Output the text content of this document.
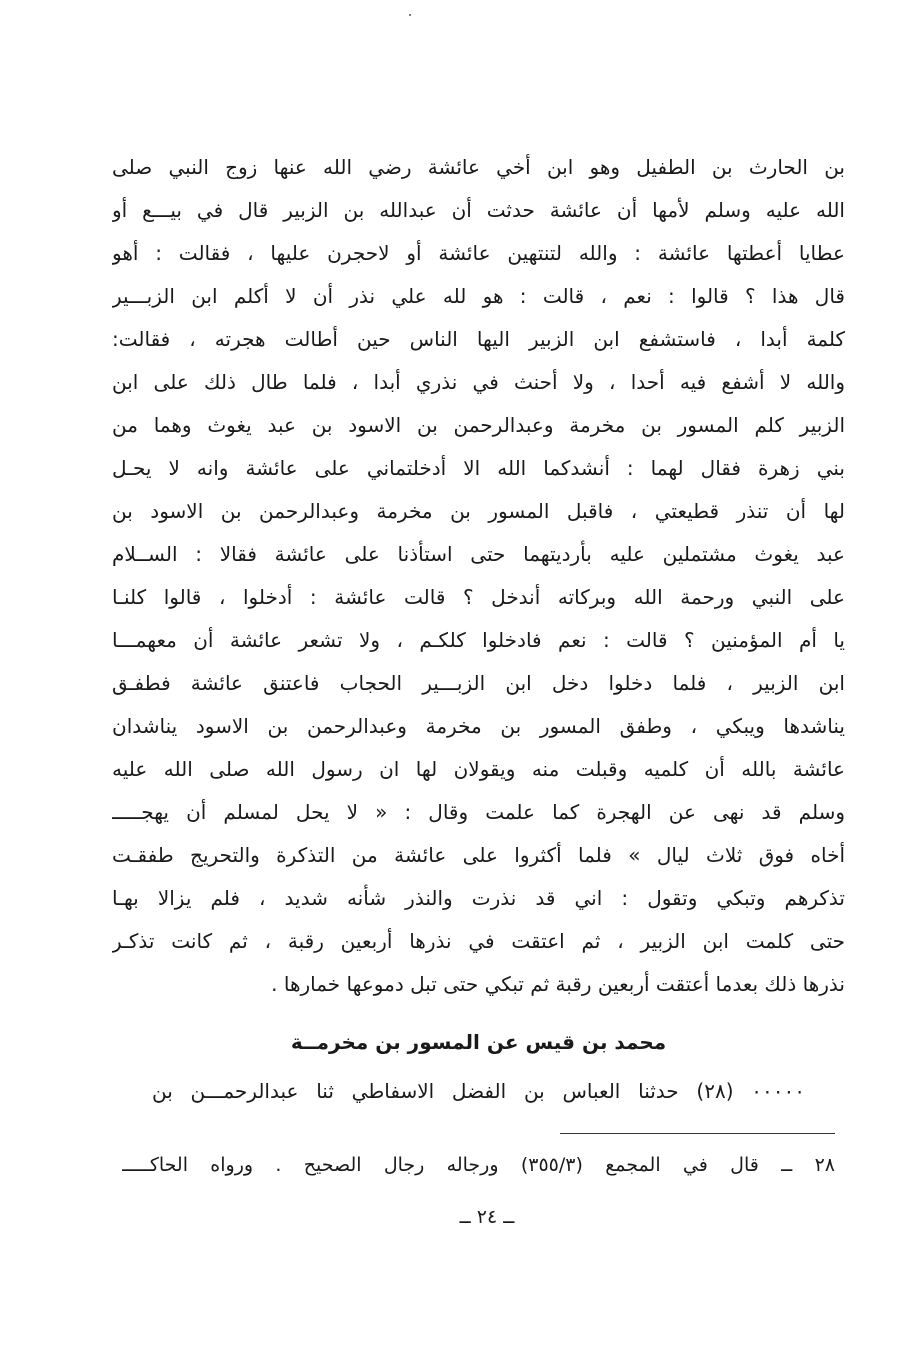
بن الحارث بن الطفيل وهو ابن أخي عائشة رضي الله عنها زوج النبي صلى
الله عليه وسلم لأمها أن عائشة حدثت أن عبدالله بن الزبير قال في بيـــع أو
عطايا أعطتها عائشة : والله لتنتهين عائشة أو لاحجرن عليها ، فقالت : أهو
قال هذا ؟ قالوا : نعم ، قالت : هو لله علي نذر أن لا أكلم ابن الزبـــير
كلمة أبدا ، فاستشفع ابن الزبير اليها الناس حين أطالت هجرته ، فقالت:
والله لا أشفع فيه أحدا ، ولا أحنث في نذري أبدا ، فلما طال ذلك على ابن
الزبير كلم المسور بن مخرمة وعبدالرحمن بن الاسود بن عبد يغوث وهما من
بني زهرة فقال لهما : أنشدكما الله الا أدخلتماني على عائشة وانه لا يحـل
لها أن تنذر قطيعتي ، فاقبل المسور بن مخرمة وعبدالرحمن بن الاسود بن
عبد يغوث مشتملين عليه بأرديتهما حتى استأذنا على عائشة فقالا : الســلام
على النبي ورحمة الله وبركاته أندخل ؟ قالت عائشة : أدخلوا ، قالوا كلنـا
يا أم المؤمنين ؟ قالت : نعم فادخلوا كلكـم ، ولا تشعر عائشة أن معهمـــا
ابن الزبير ، فلما دخلوا دخل ابن الزبـــير الحجاب فاعتنق عائشة فطفـق
يناشدها ويبكي ، وطفق المسور بن مخرمة وعبدالرحمن بن الاسود يناشدان
عائشة بالله أن كلميه وقبلت منه ويقولان لها ان رسول الله صلى الله عليه
وسلم قد نهى عن الهجرة كما علمت وقال : « لا يحل لمسلم أن يهجـــــ
أخاه فوق ثلاث ليال » فلما أكثروا على عائشة من التذكرة والتحريج طفقـت
تذكرهم وتبكي وتقول : اني قد نذرت والنذر شأنه شديد ، فلم يزالا بهـا
حتى كلمت ابن الزبير ، ثم اعتقت في نذرها أربعين رقبة ، ثم كانت تذكـر
نذرها ذلك بعدما أعتقت أربعين رقبة ثم تبكي حتى تبل دموعها خمارها .
محمد بن قيس عن المسور بن مخرمــة
٠٠٠٠٠ (٢٨) حدثنا العباس بن الفضل الاسفاطي ثنا عبدالرحمـــن بن
٢٨ ــ قال في المجمع (٣٥٥/٣) ورجاله رجال الصحيح . ورواه الحاكـــــ
ــ ٢٤ ــ
